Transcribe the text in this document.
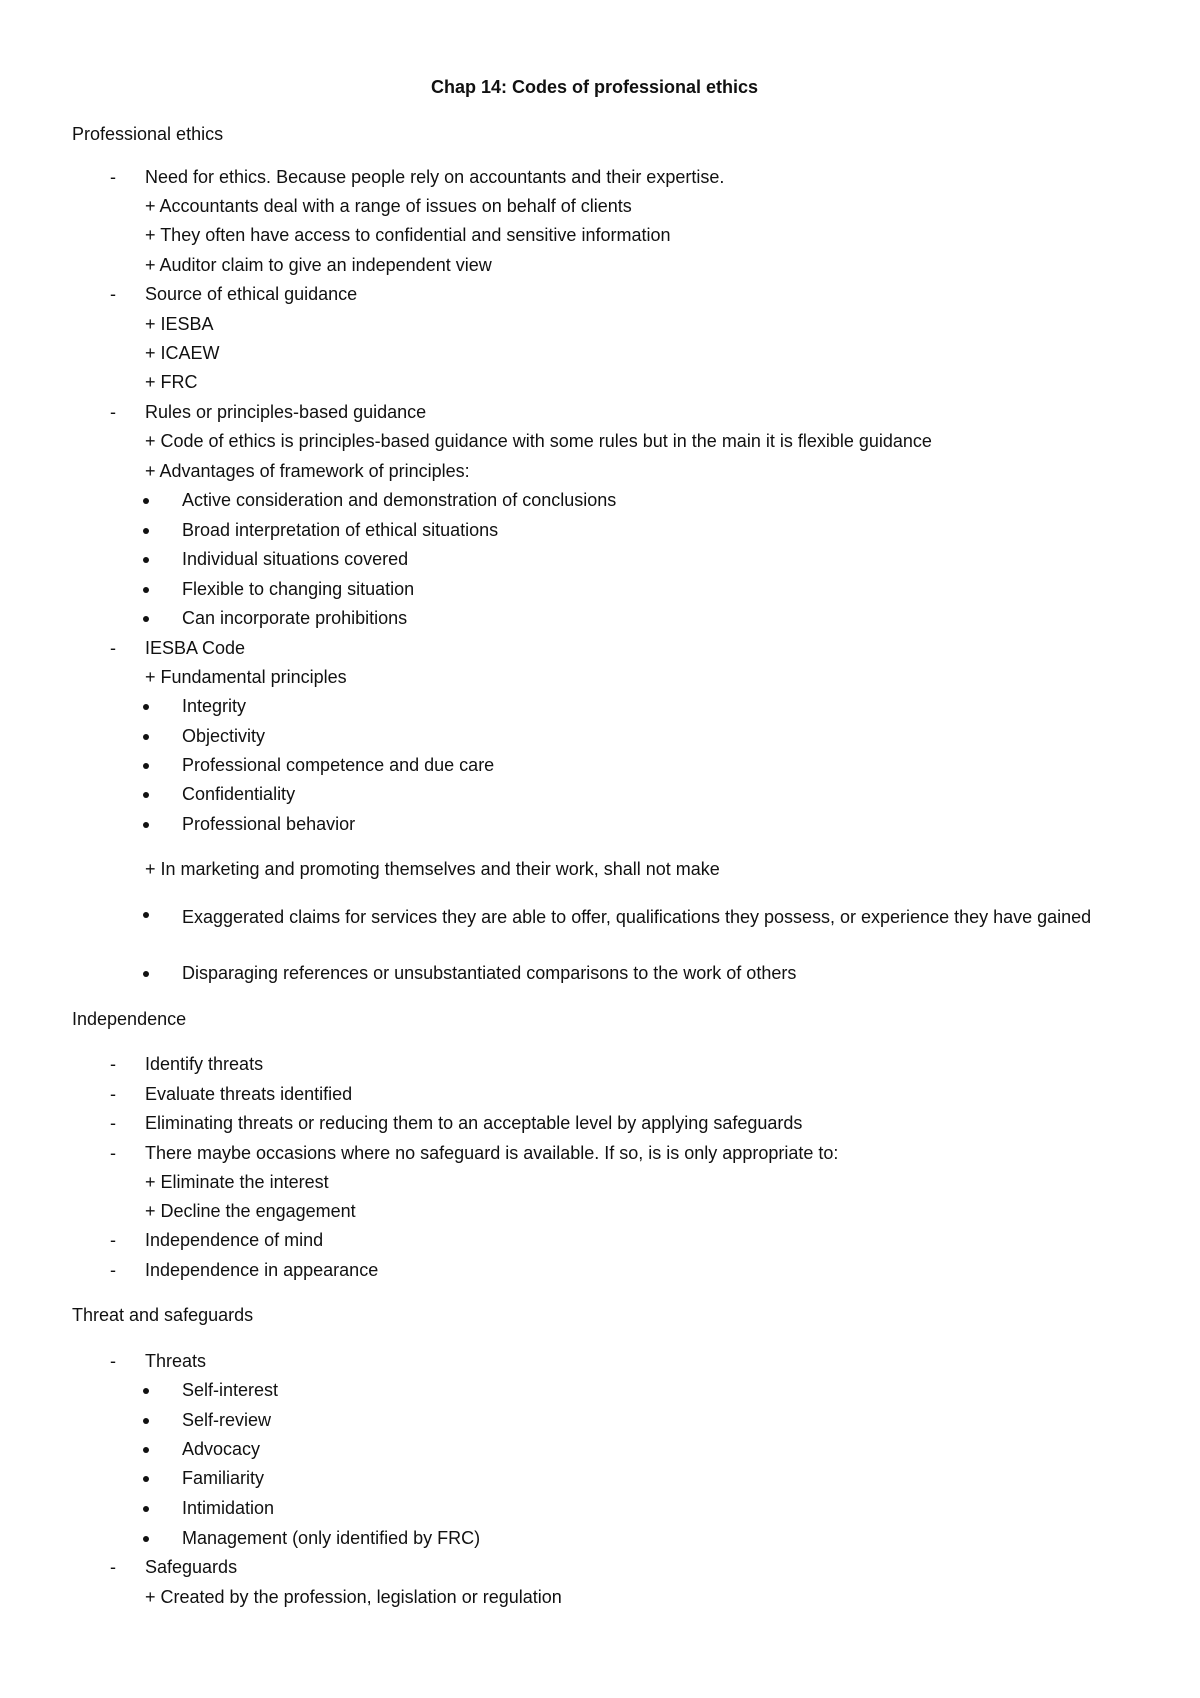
Chap 14: Codes of professional ethics
Professional ethics
- Need for ethics. Because people rely on accountants and their expertise.
+ Accountants deal with a range of issues on behalf of clients
+ They often have access to confidential and sensitive information
+ Auditor claim to give an independent view
- Source of ethical guidance
+ IESBA
+ ICAEW
+ FRC
- Rules or principles-based guidance
+ Code of ethics is principles-based guidance with some rules but in the main it is flexible guidance
+ Advantages of framework of principles:
Active consideration and demonstration of conclusions
Broad interpretation of ethical situations
Individual situations covered
Flexible to changing situation
Can incorporate prohibitions
- IESBA Code
+ Fundamental principles
Integrity
Objectivity
Professional competence and due care
Confidentiality
Professional behavior
+ In marketing and promoting themselves and their work, shall not make
Exaggerated claims for services they are able to offer, qualifications they possess, or experience they have gained
Disparaging references or unsubstantiated comparisons to the work of others
Independence
- Identify threats
- Evaluate threats identified
- Eliminating threats or reducing them to an acceptable level by applying safeguards
- There maybe occasions where no safeguard is available. If so, is is only appropriate to:
+ Eliminate the interest
+ Decline the engagement
- Independence of mind
- Independence in appearance
Threat and safeguards
- Threats
Self-interest
Self-review
Advocacy
Familiarity
Intimidation
Management (only identified by FRC)
- Safeguards
+ Created by the profession, legislation or regulation
